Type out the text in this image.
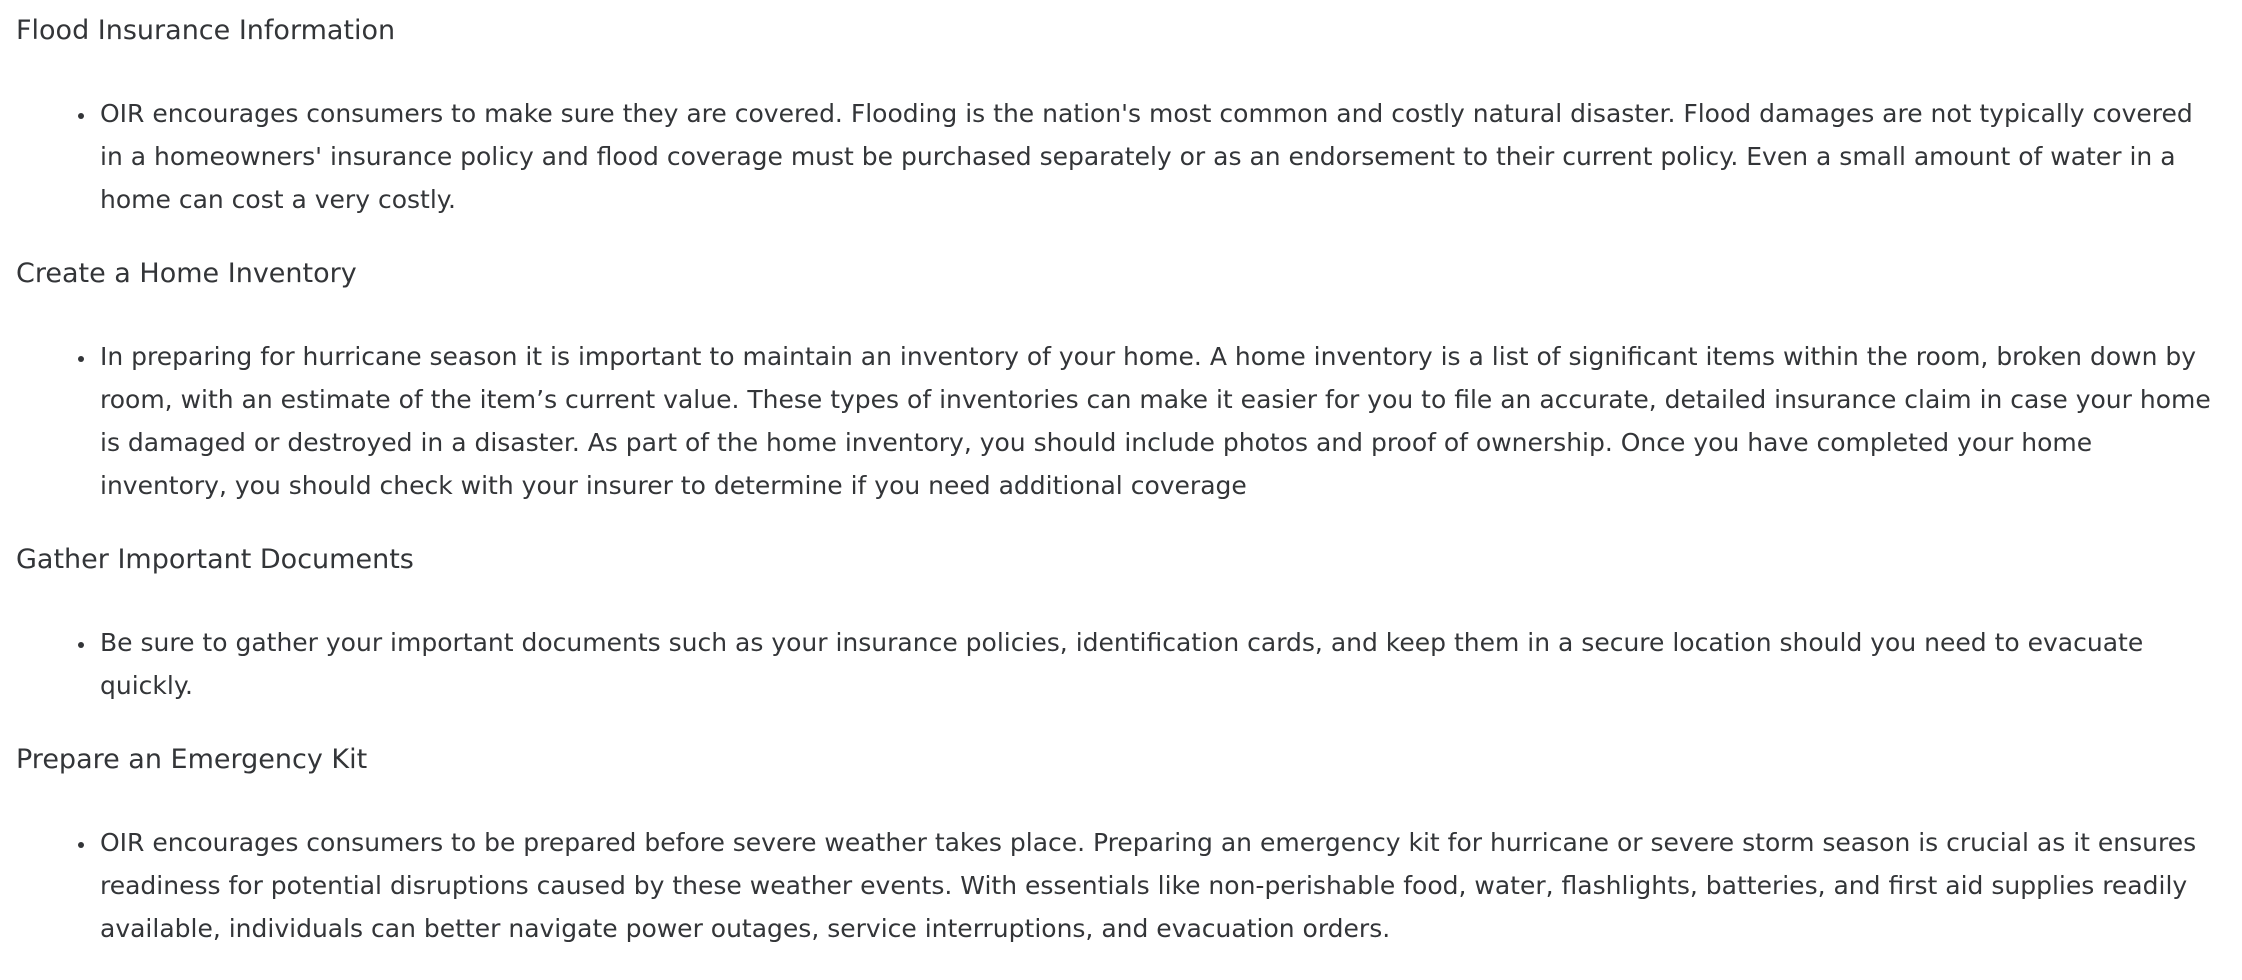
Flood Insurance Information
• OIR encourages consumers to make sure they are covered. Flooding is the nation's most common and costly natural disaster. Flood damages are not typically covered in a homeowners' insurance policy and flood coverage must be purchased separately or as an endorsement to their current policy. Even a small amount of water in a home can cost a very costly.
Create a Home Inventory
• In preparing for hurricane season it is important to maintain an inventory of your home. A home inventory is a list of significant items within the room, broken down by room, with an estimate of the item’s current value. These types of inventories can make it easier for you to file an accurate, detailed insurance claim in case your home is damaged or destroyed in a disaster. As part of the home inventory, you should include photos and proof of ownership. Once you have completed your home inventory, you should check with your insurer to determine if you need additional coverage
Gather Important Documents
• Be sure to gather your important documents such as your insurance policies, identification cards, and keep them in a secure location should you need to evacuate quickly.
Prepare an Emergency Kit
• OIR encourages consumers to be prepared before severe weather takes place. Preparing an emergency kit for hurricane or severe storm season is crucial as it ensures readiness for potential disruptions caused by these weather events. With essentials like non-perishable food, water, flashlights, batteries, and first aid supplies readily available, individuals can better navigate power outages, service interruptions, and evacuation orders.
